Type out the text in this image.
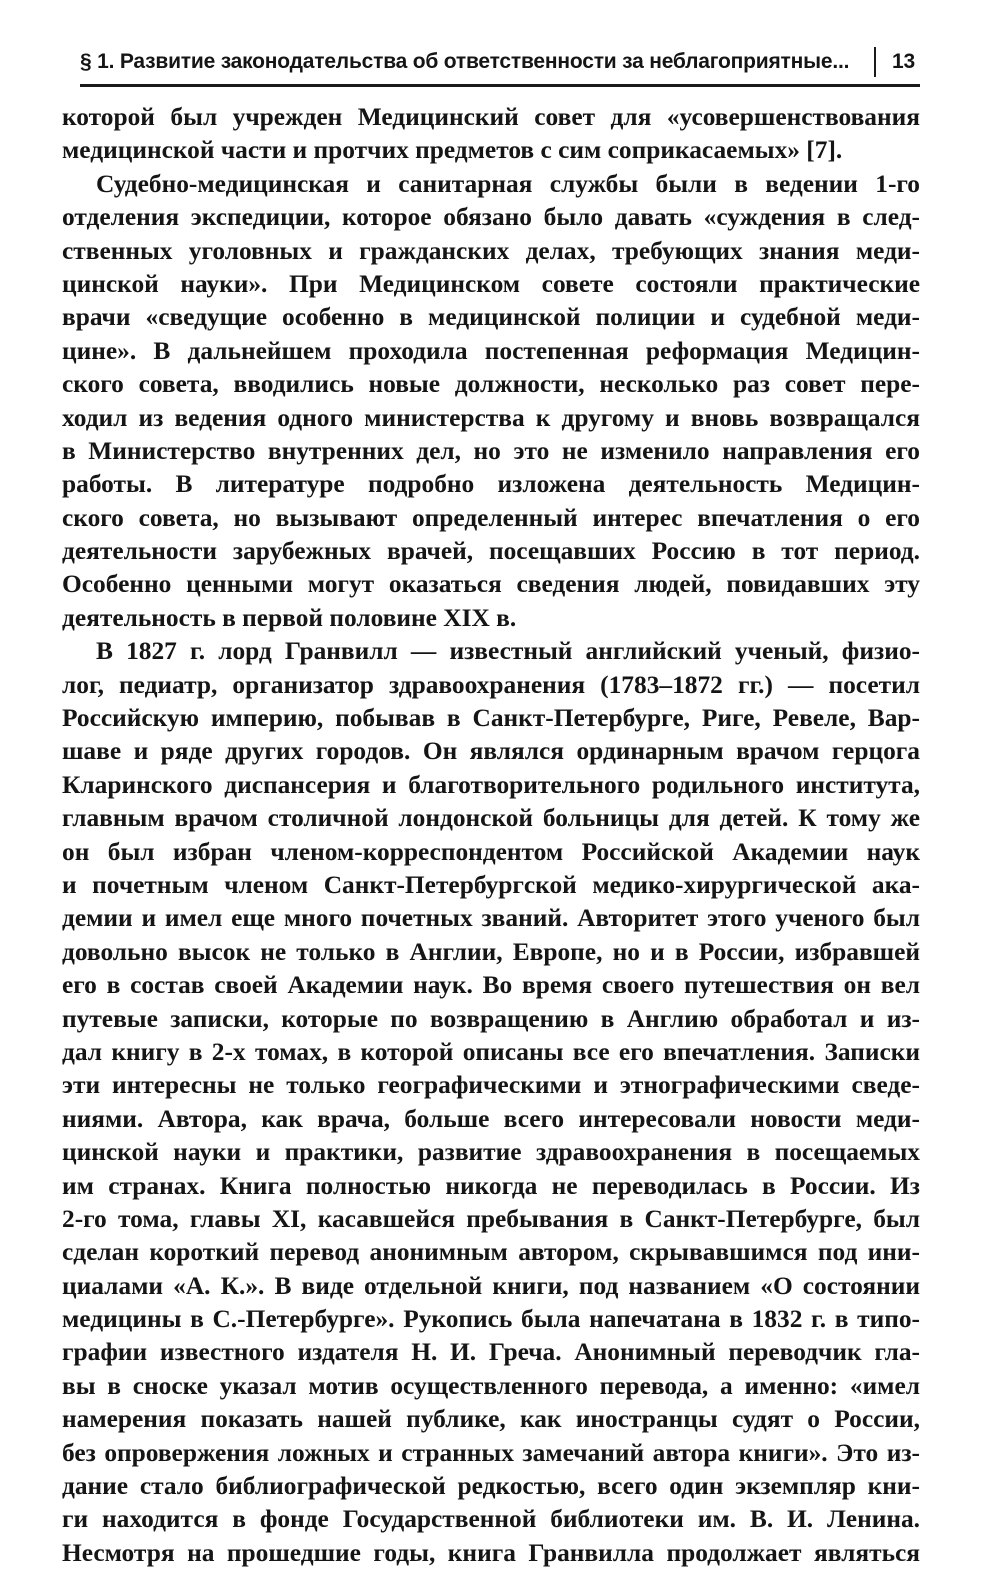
§ 1. Развитие законодательства об ответственности за неблагоприятные...	13
которой был учрежден Медицинский совет для «усовершенствования
медицинской части и протчих предметов с сим соприкасаемых» [7].
Судебно-медицинская и санитарная службы были в ведении 1-го
отделения экспедиции, которое обязано было давать «суждения в след-
ственных уголовных и гражданских делах, требующих знания меди-
цинской науки». При Медицинском совете состояли практические
врачи «сведущие особенно в медицинской полиции и судебной меди-
цине». В дальнейшем проходила постепенная реформация Медицин-
ского совета, вводились новые должности, несколько раз совет пере-
ходил из ведения одного министерства к другому и вновь возвращался
в Министерство внутренних дел, но это не изменило направления его
работы. В литературе подробно изложена деятельность Медицин-
ского совета, но вызывают определенный интерес впечатления о его
деятельности зарубежных врачей, посещавших Россию в тот период.
Особенно ценными могут оказаться сведения людей, повидавших эту
деятельность в первой половине XIX в.
В 1827 г. лорд Гранвилл — известный английский ученый, физио-
лог, педиатр, организатор здравоохранения (1783–1872 гг.) — посетил
Российскую империю, побывав в Санкт-Петербурге, Риге, Ревеле, Вар-
шаве и ряде других городов. Он являлся ординарным врачом герцога
Кларинского диспансерия и благотворительного родильного института,
главным врачом столичной лондонской больницы для детей. К тому же
он был избран членом-корреспондентом Российской Академии наук
и почетным членом Санкт-Петербургской медико-хирургической ака-
демии и имел еще много почетных званий. Авторитет этого ученого был
довольно высок не только в Англии, Европе, но и в России, избравшей
его в состав своей Академии наук. Во время своего путешествия он вел
путевые записки, которые по возвращению в Англию обработал и из-
дал книгу в 2-х томах, в которой описаны все его впечатления. Записки
эти интересны не только географическими и этнографическими сведе-
ниями. Автора, как врача, больше всего интересовали новости меди-
цинской науки и практики, развитие здравоохранения в посещаемых
им странах. Книга полностью никогда не переводилась в России. Из
2-го тома, главы XI, касавшейся пребывания в Санкт-Петербурге, был
сделан короткий перевод анонимным автором, скрывавшимся под ини-
циалами «А. К.». В виде отдельной книги, под названием «О состоянии
медицины в С.-Петербурге». Рукопись была напечатана в 1832 г. в типо-
графии известного издателя Н. И. Греча. Анонимный переводчик гла-
вы в сноске указал мотив осуществленного перевода, а именно: «имел
намерения показать нашей публике, как иностранцы судят о России,
без опровержения ложных и странных замечаний автора книги». Это из-
дание стало библиографической редкостью, всего один экземпляр кни-
ги находится в фонде Государственной библиотеки им. В. И. Ленина.
Несмотря на прошедшие годы, книга Гранвилла продолжает являться
